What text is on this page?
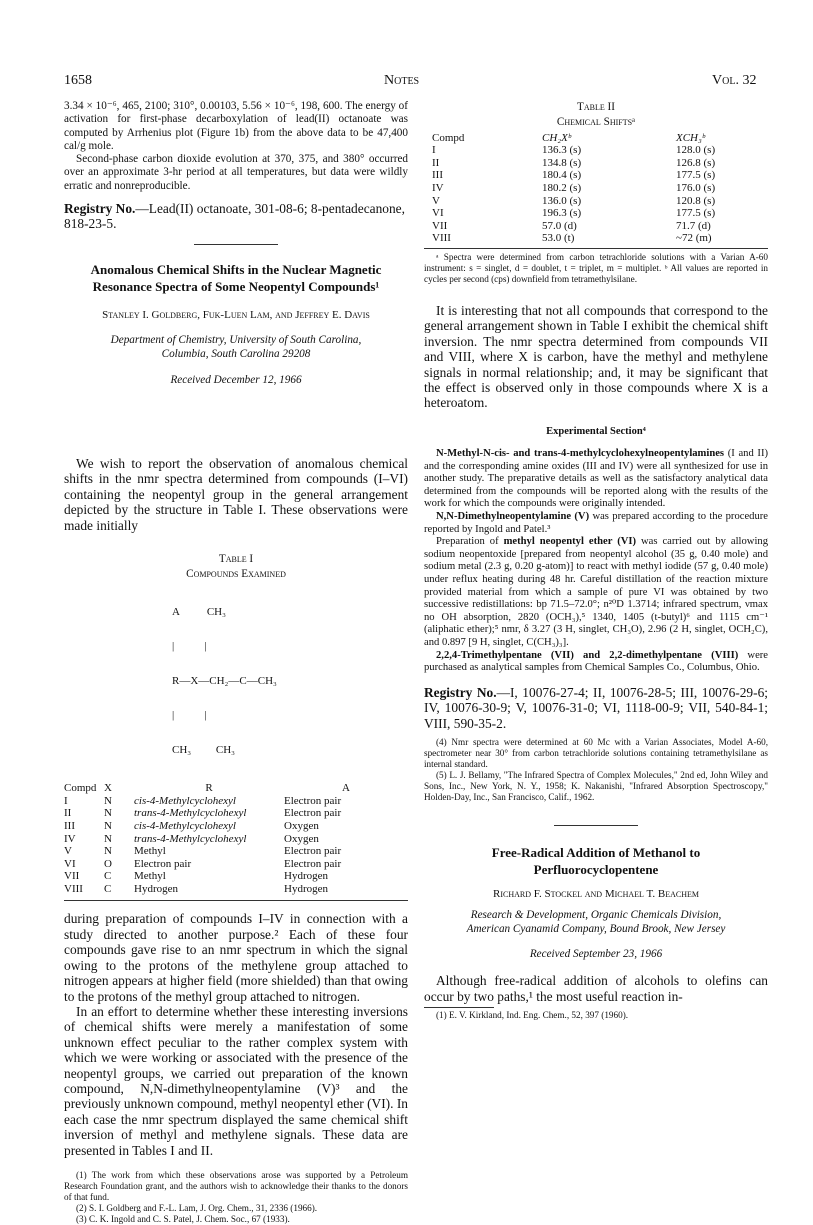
1658	Notes	Vol. 32

3.34 × 10⁻⁶, 465, 2100; 310°, 0.00103, 5.56 × 10⁻⁶, 198, 600. The energy of activation for first-phase decarboxylation of lead(II) octanoate was computed by Arrhenius plot (Figure 1b) from the above data to be 47,400 cal/g mole.

Second-phase carbon dioxide evolution at 370, 375, and 380° occurred over an approximate 3-hr period at all temperatures, but data were wildly erratic and nonreproducible.

Registry No.—Lead(II) octanoate, 301-08-6; 8-pentadecanone, 818-23-5.

Anomalous Chemical Shifts in the Nuclear Magnetic Resonance Spectra of Some Neopentyl Compounds¹
Stanley I. Goldberg, Fuk-Luen Lam, and Jeffrey E. Davis
Department of Chemistry, University of South Carolina,
Columbia, South Carolina 29208
Received December 12, 1966

We wish to report the observation of anomalous chemical shifts in the nmr spectra determined from compounds (I–VI) containing the neopentyl group in the general arrangement depicted by the structure in Table I. These observations were made initially

Table I
Compounds Examined

A          CH₃

|           |

R—X—CH₂—C—CH₃

|           |

CH₃         CH₃

Compd	X	R	A
I	N	cis-4-Methylcyclohexyl	Electron pair
II	N	trans-4-Methylcyclohexyl	Electron pair
III	N	cis-4-Methylcyclohexyl	Oxygen
IV	N	trans-4-Methylcyclohexyl	Oxygen
V	N	Methyl	Electron pair
VI	O	Electron pair	Electron pair
VII	C	Methyl	Hydrogen
VIII	C	Hydrogen	Hydrogen

during preparation of compounds I–IV in connection with a study directed to another purpose.² Each of these four compounds gave rise to an nmr spectrum in which the signal owing to the protons of the methylene group attached to nitrogen appears at higher field (more shielded) than that owing to the protons of the methyl group attached to nitrogen.

In an effort to determine whether these interesting inversions of chemical shifts were merely a manifestation of some unknown effect peculiar to the rather complex system with which we were working or associated with the presence of the neopentyl groups, we carried out preparation of the known compound, N,N-dimethylneopentylamine (V)³ and the previously unknown compound, methyl neopentyl ether (VI). In each case the nmr spectrum displayed the same chemical shift inversion of methyl and methylene signals. These data are presented in Tables I and II.

(1) The work from which these observations arose was supported by a Petroleum Research Foundation grant, and the authors wish to acknowledge their thanks to the donors of that fund.

(2) S. I. Goldberg and F.-L. Lam, J. Org. Chem., 31, 2336 (1966).

(3) C. K. Ingold and C. S. Patel, J. Chem. Soc., 67 (1933).

Table II
Chemical Shiftsᵃ
Compd	CH₂Xᵇ	XCH₃ᵇ
I	136.3 (s)	128.0 (s)
II	134.8 (s)	126.8 (s)
III	180.4 (s)	177.5 (s)
IV	180.2 (s)	176.0 (s)
V	136.0 (s)	120.8 (s)
VI	196.3 (s)	177.5 (s)
VII	57.0 (d)	71.7 (d)
VIII	53.0 (t)	~72 (m)

ᵃ Spectra were determined from carbon tetrachloride solutions with a Varian A-60 instrument: s = singlet, d = doublet, t = triplet, m = multiplet. ᵇ All values are reported in cycles per second (cps) downfield from tetramethylsilane.

It is interesting that not all compounds that correspond to the general arrangement shown in Table I exhibit the chemical shift inversion. The nmr spectra determined from compounds VII and VIII, where X is carbon, have the methyl and methylene signals in normal relationship; and, it may be significant that the effect is observed only in those compounds where X is a heteroatom.

Experimental Section⁴

N-Methyl-N-cis- and trans-4-methylcyclohexylneopentylamines (I and II) and the corresponding amine oxides (III and IV) were all synthesized for use in another study. The preparative details as well as the satisfactory analytical data determined from the compounds will be reported along with the results of the work for which the compounds were originally intended.

N,N-Dimethylneopentylamine (V) was prepared according to the procedure reported by Ingold and Patel.³

Preparation of methyl neopentyl ether (VI) was carried out by allowing sodium neopentoxide [prepared from neopentyl alcohol (35 g, 0.40 mole) and sodium metal (2.3 g, 0.20 g-atom)] to react with methyl iodide (57 g, 0.40 mole) under reflux heating during 48 hr. Careful distillation of the reaction mixture provided material from which a sample of pure VI was obtained by two successive redistillations: bp 71.5–72.0°; n²⁰D 1.3714; infrared spectrum, νmax no OH absorption, 2820 (OCH₃),⁵ 1340, 1405 (t-butyl)⁶ and 1115 cm⁻¹ (aliphatic ether);⁵ nmr, δ 3.27 (3 H, singlet, CH₃O), 2.96 (2 H, singlet, OCH₂C), and 0.897 [9 H, singlet, C(CH₃)₃].

2,2,4-Trimethylpentane (VII) and 2,2-dimethylpentane (VIII) were purchased as analytical samples from Chemical Samples Co., Columbus, Ohio.

Registry No.—I, 10076-27-4; II, 10076-28-5; III, 10076-29-6; IV, 10076-30-9; V, 10076-31-0; VI, 1118-00-9; VII, 540-84-1; VIII, 590-35-2.

(4) Nmr spectra were determined at 60 Mc with a Varian Associates, Model A-60, spectrometer near 30° from carbon tetrachloride solutions containing tetramethylsilane as internal standard.

(5) L. J. Bellamy, "The Infrared Spectra of Complex Molecules," 2nd ed, John Wiley and Sons, Inc., New York, N. Y., 1958; K. Nakanishi, "Infrared Absorption Spectroscopy," Holden-Day, Inc., San Francisco, Calif., 1962.

Free-Radical Addition of Methanol to Perfluorocyclopentene
Richard F. Stockel and Michael T. Beachem
Research & Development, Organic Chemicals Division,
American Cyanamid Company, Bound Brook, New Jersey
Received September 23, 1966

Although free-radical addition of alcohols to olefins can occur by two paths,¹ the most useful reaction in-

(1) E. V. Kirkland, Ind. Eng. Chem., 52, 397 (1960).
